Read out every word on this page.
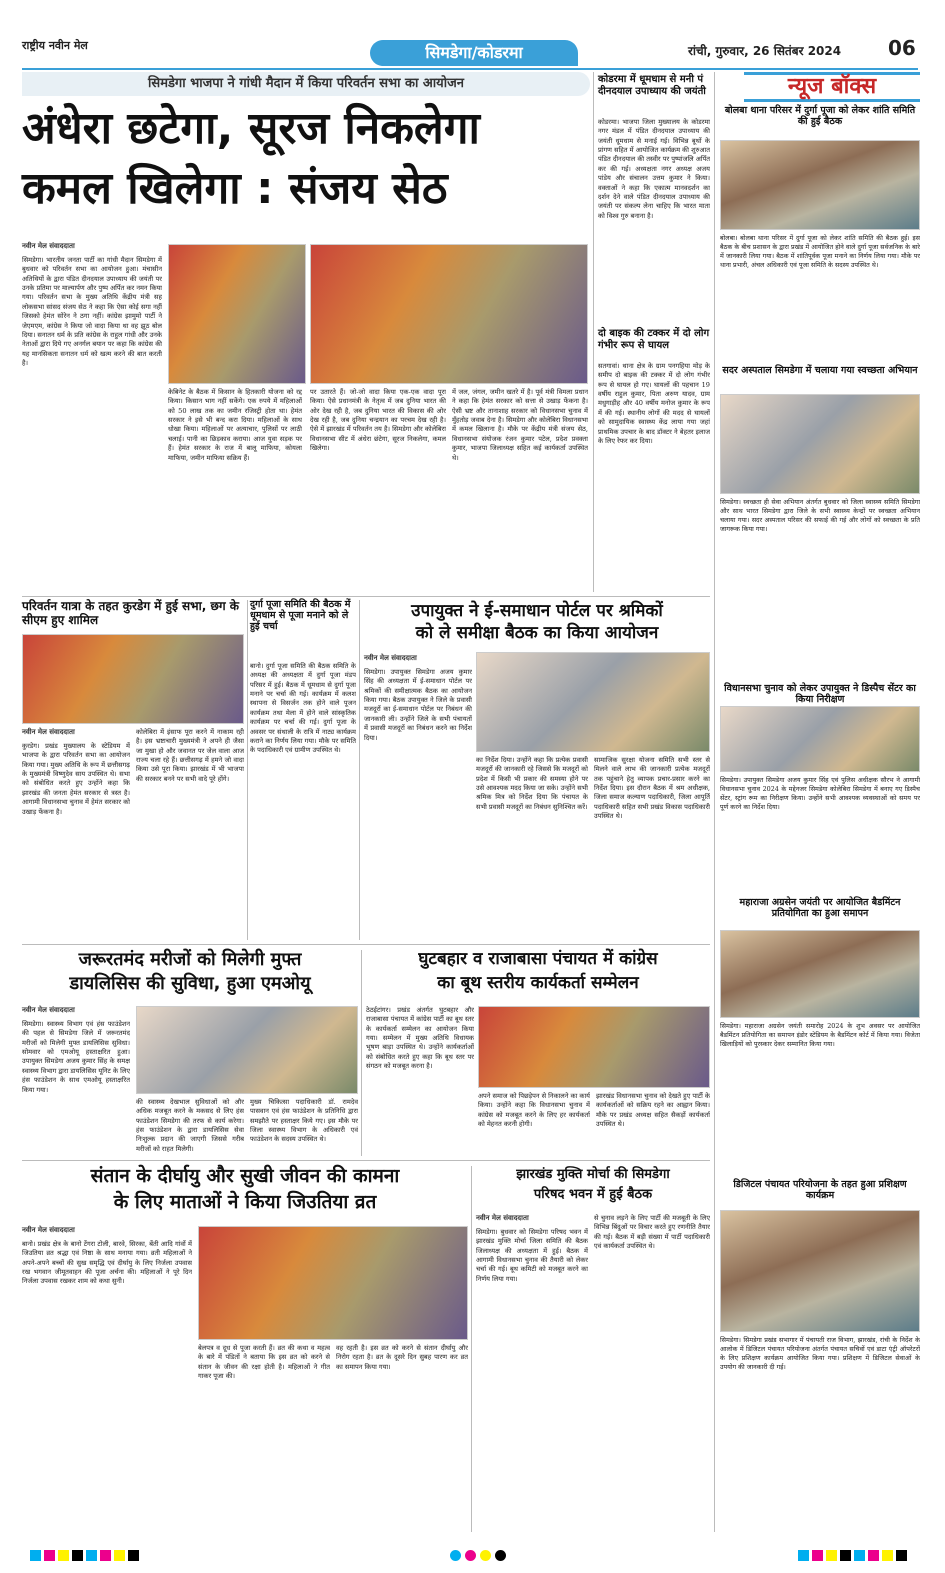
राष्ट्रीय नवीन मेल	सिमडेगा/कोडरमा	रांची, गुरुवार, 26 सितंबर 2024 06
सिमडेगा भाजपा ने गांधी मैदान में किया परिवर्तन सभा का आयोजन
अंधेरा छटेगा, सूरज निकलेगा
कमल खिलेगा : संजय सेठ
नवीन मेल संवाददाता
सिमडेगा। भारतीय जनता पार्टी का गांधी मैदान सिमडेगा में बुधवार को परिवर्तन सभा का आयोजन हुआ। मंचासीन अतिथियों के द्वारा पंडित दीनदयाल उपाध्याय की जयंती पर उनके प्रतिमा पर माल्यार्पण और पुष्प अर्पित कर नमन किया गया। परिवर्तन सभा के मुख्य अतिथि केंद्रीय मंत्री सह लोकसभा सांसद संजय सेठ ने कहा कि ऐसा कोई सगा नहीं जिसको हेमंत सोरेन ने ठगा नहीं। कांग्रेस झामुमो पार्टी ने जेएमएम, कांग्रेस ने किया जो वादा किया था वह झूठ बोल दिया। सनातन धर्म के प्रति कांग्रेस के राहुल गांधी और उनके नेताओं द्वारा दिये गए अनर्गल बयान पर कहा कि कांग्रेस की यह मानसिकता सनातन धर्म को खत्म करने की बात करती है।
केबिनेट के बैठक में किसान के हितकारी योजना को रद्द किया। किसान भाग नहीं सकेंगे। एक रुपये में महिलाओं को 50 लाख तक का जमीन रजिस्ट्री होता था। हेमंत सरकार ने इसे भी बन्द करा दिया। महिलाओं के साथ धोखा किया। महिलाओं पर अत्याचार, पुलिसों पर लाठी चलाई। पानी का छिड़काव कराया। आज युवा सड़क पर हैं। हेमंत सरकार के राज में बालू माफिया, कोयला माफिया, जमीन माफिया सक्रिय हैं।
पर उतारते हैं। जो-जो वादा किया एक-एक वादा पूरा किया। ऐसे प्रधानमंत्री के नेतृत्व में जब दुनिया भारत की ओर देख रही है, जब दुनिया भारत की विकास की ओर देख रही है, जब दुनिया चन्द्रयान का परचम देख रही है। ऐसे में झारखंड में परिवर्तन तय है। सिमडेगा और कोलेबिरा विधानसभा सीट में अंधेरा छंटेगा, सूरज निकलेगा, कमल खिलेगा।
में जल, जंगल, जमीन खतरे में है। पूर्व मंत्री विमला प्रधान ने कहा कि हेमंत सरकार को सत्ता से उखाड़ फेंकना है। ऐसी भ्रष्ट और तानाशाह सरकार को विधानसभा चुनाव में मुँहतोड़ जवाब देना है। सिमडेगा और कोलेबिरा विधानसभा में कमल खिलाना है। मौके पर केंद्रीय मंत्री संजय सेठ, विधानसभा संयोजक रंजन कुमार पटेल, प्रदेश प्रवक्ता कुमार, भाजपा जिलाध्यक्ष सहित कई कार्यकर्ता उपस्थित थे।
कोडरमा में धूमधाम से मनी पं दीनदयाल उपाध्याय की जयंती
कोडरमा। भाजपा जिला मुख्यालय के कोडरमा नगर मंडल में पंडित दीनदयाल उपाध्याय की जयंती धूमधाम से मनाई गई। विभिन्न बूथों के प्रांगण सहित में आयोजित कार्यक्रम की शुरुआत पंडित दीनदयाल की तस्वीर पर पुष्पांजलि अर्पित कर की गई। अध्यक्षता नगर अध्यक्ष अजय पांडेय और संचालन उत्तम कुमार ने किया। वक्ताओं ने कहा कि एकात्म मानवदर्शन का दर्शन देने वाले पंडित दीनदयाल उपाध्याय की जयंती पर संकल्प लेना चाहिए कि भारत माता को विश्व गुरु बनाना है।
दो बाइक की टक्कर में दो लोग गंभीर रूप से घायल
सतगावां। थाना क्षेत्र के ग्राम पनगहिया मोड़ के समीप दो बाइक की टक्कर में दो लोग गंभीर रूप से घायल हो गए। घायलों की पहचान 19 वर्षीय राहुल कुमार, पिता अरुण यादव, ग्राम मधुगाड़ीह और 40 वर्षीय मनोज कुमार के रूप में की गई। स्थानीय लोगों की मदद से घायलों को सामुदायिक स्वास्थ्य केंद्र लाया गया जहां प्राथमिक उपचार के बाद डॉक्टर ने बेहतर इलाज के लिए रेफर कर दिया।
न्यूज बॉक्स
बोलबा थाना परिसर में दुर्गा पूजा को लेकर शांति समिति की हुई बैठक
बोलबा। बोलबा थाना परिसर में दुर्गा पूजा को लेकर शांति समिति की बैठक हुई। इस बैठक के बीच प्रशासन के द्वारा प्रखंड में आयोजित होने वाले दुर्गा पूजा सर्वजनिक के बारे में जानकारी लिया गया। बैठक में शांतिपूर्वक पूजा मनाने का निर्णय लिया गया। मौके पर थाना प्रभारी, अंचल अधिकारी एवं पूजा समिति के सदस्य उपस्थित थे।
सदर अस्पताल सिमडेगा में चलाया गया स्वच्छता अभियान
सिमडेगा। स्वच्छता ही सेवा अभियान अंतर्गत बुधवार को जिला स्वास्थ्य समिति सिमडेगा और साथ भारत सिमडेगा द्वारा जिले के सभी स्वास्थ्य केन्द्रों पर स्वच्छता अभियान चलाया गया। सदर अस्पताल परिसर की सफाई की गई और लोगों को स्वच्छता के प्रति जागरूक किया गया।
विधानसभा चुनाव को लेकर उपायुक्त ने डिस्पैच सेंटर का किया निरीक्षण
सिमडेगा। उपायुक्त सिमडेगा अजय कुमार सिंह एवं पुलिस अधीक्षक सौरभ ने आगामी विधानसभा चुनाव 2024 के मद्देनजर सिमडेगा कोलेबिरा सिमडेगा में बनाए गए डिस्पैच सेंटर, स्ट्रांग रूम का निरीक्षण किया। उन्होंने सभी आवश्यक व्यवस्थाओं को समय पर पूर्ण करने का निर्देश दिया।
महाराजा अग्रसेन जयंती पर आयोजित बैडमिंटन प्रतियोगिता का हुआ समापन
सिमडेगा। महाराजा अग्रसेन जयंती समारोह 2024 के शुभ अवसर पर आयोजित बैडमिंटन प्रतियोगिता का समापन इंडोर स्टेडियम के बैडमिंटन कोर्ट में किया गया। विजेता खिलाड़ियों को पुरस्कार देकर सम्मानित किया गया।
डिजिटल पंचायत परियोजना के तहत हुआ प्रशिक्षण कार्यक्रम
सिमडेगा। सिमडेगा प्रखंड सभागार में पंचायती राज विभाग, झारखंड, रांची के निर्देश के आलोक में डिजिटल पंचायत परियोजना अंतर्गत पंचायत सचिवों एवं डाटा एंट्री ऑपरेटरों के लिए प्रशिक्षण कार्यक्रम आयोजित किया गया। प्रशिक्षण में डिजिटल सेवाओं के उपयोग की जानकारी दी गई।
परिवर्तन यात्रा के तहत कुरडेग में हुई सभा, छग के सीएम हुए शामिल
नवीन मेल संवाददाता
कुरडेग। प्रखंड मुख्यालय के स्टेडियम में भाजपा के द्वारा परिवर्तन सभा का आयोजन किया गया। मुख्य अतिथि के रूप में छत्तीसगढ़ के मुख्यमंत्री विष्णुदेव साय उपस्थित थे। सभा को संबोधित करते हुए उन्होंने कहा कि झारखंड की जनता हेमंत सरकार से त्रस्त है। आगामी विधानसभा चुनाव में हेमंत सरकार को उखाड़ फेंकना है।
कोलेबिरा में इंसाफ पूरा करने में नाकाम रही है। इस भ्रष्टाचारी मुख्यमंत्री ने अपने ही जैसा जा मुखा हो और जवानत पर जेल वाला आज राज्य चला रहे हैं। छत्तीसगढ़ में हमने जो वादा किया उसे पूरा किया। झारखंड में भी भाजपा की सरकार बनने पर सभी वादे पूरे होंगे।
दुर्गा पूजा समिति की बैठक में धूमधाम से पूजा मनाने को ले हुई चर्चा
बानो। दुर्गा पूजा समिति की बैठक समिति के अध्यक्ष की अध्यक्षता में दुर्गा पूजा मंडप परिसर में हुई। बैठक में धूमधाम से दुर्गा पूजा मनाने पर चर्चा की गई। कार्यक्रम में कलश स्थापना से विसर्जन तक होने वाले पूजन कार्यक्रम तथा मेला में होने वाले सांस्कृतिक कार्यक्रम पर चर्चा की गई। दुर्गा पूजा के अवसर पर संथाली के रात्रि में नाट्य कार्यक्रम कराने का निर्णय लिया गया। मौके पर समिति के पदाधिकारी एवं ग्रामीण उपस्थित थे।
उपायुक्त ने ई-समाधान पोर्टल पर श्रमिकों
को ले समीक्षा बैठक का किया आयोजन
नवीन मेल संवाददाता
सिमडेगा। उपायुक्त सिमडेगा अजय कुमार सिंह की अध्यक्षता में ई-समाधान पोर्टल पर श्रमिकों की समीक्षात्मक बैठक का आयोजन किया गया। बैठक उपायुक्त ने जिले के प्रवासी मजदूरों का ई-समाधान पोर्टल पर निबंधन की जानकारी ली। उन्होंने जिले के सभी पंचायतों में प्रवासी मजदूरों का निबंधन करने का निर्देश दिया।
का निर्देश दिया। उन्होंने कहा कि प्रत्येक प्रवासी मजदूरों की जानकारी रहे जिससे कि मजदूरों को प्रदेश में किसी भी प्रकार की समस्या होने पर उसे आवश्यक मदद किया जा सके। उन्होंने सभी श्रमिक मित्र को निर्देश दिया कि पंचायत के सभी प्रवासी मजदूरों का निबंधन सुनिश्चित करें।
सामाजिक सुरक्षा योजना समिति सभी स्तर से मिलने वाले लाभ की जानकारी प्रत्येक मजदूरों तक पहुंचाने हेतु व्यापक प्रचार-प्रसार करने का निर्देश दिया। इस दौरान बैठक में श्रम अधीक्षक, जिला समाज कल्याण पदाधिकारी, जिला आपूर्ति पदाधिकारी सहित सभी प्रखंड विकास पदाधिकारी उपस्थित थे।
जरूरतमंद मरीजों को मिलेगी मुफ्त
डायलिसिस की सुविधा, हुआ एमओयू
नवीन मेल संवाददाता
सिमडेगा। स्वास्थ्य विभाग एवं हंस फाउंडेशन की पहल से सिमडेगा जिले में जरूरतमंद मरीजों को मिलेगी मुफ्त डायलिसिस सुविधा। सोमवार को एमओयू हस्ताक्षरित हुआ। उपायुक्त सिमडेगा अजय कुमार सिंह के समक्ष स्वास्थ्य विभाग द्वारा डायलिसिस यूनिट के लिए हंस फाउंडेशन के साथ एमओयू हस्ताक्षरित किया गया।
की स्वास्थ्य देखभाल सुविधाओं को और अधिक मजबूत करने के मकसद से लिए हंस फाउंडेशन सिमडेगा की तरफ से कार्य करेगा। हंस फाउंडेशन के द्वारा डायलिसिस सेवा निःशुल्क प्रदान की जाएगी जिससे गरीब मरीजों को राहत मिलेगी।
मुख्य चिकित्सा पदाधिकारी डॉ. रामदेव पासवान एवं हंस फाउंडेशन के प्रतिनिधि द्वारा समझौते पर हस्ताक्षर किये गए। इस मौके पर जिला स्वास्थ्य विभाग के अधिकारी एवं फाउंडेशन के सदस्य उपस्थित थे।
घुटबहार व राजाबासा पंचायत में कांग्रेस
का बूथ स्तरीय कार्यकर्ता सम्मेलन
ठेठईटांगर। प्रखंड अंतर्गत घुटबहार और राजाबासा पंचायत में कांग्रेस पार्टी का बूथ स्तर के कार्यकर्ता सम्मेलन का आयोजन किया गया। सम्मेलन में मुख्य अतिथि विधायक भूषण बाड़ा उपस्थित थे। उन्होंने कार्यकर्ताओं को संबोधित करते हुए कहा कि बूथ स्तर पर संगठन को मजबूत करना है।
अपने समाज को पिछड़ेपन से निकालने का कार्य किया। उन्होंने कहा कि विधानसभा चुनाव में कांग्रेस को मजबूत करने के लिए हर कार्यकर्ता को मेहनत करनी होगी।
झारखंड विधानसभा चुनाव को देखते हुए पार्टी के कार्यकर्ताओं को सक्रिय रहने का आह्वान किया। मौके पर प्रखंड अध्यक्ष सहित सैकड़ों कार्यकर्ता उपस्थित थे।
संतान के दीर्घायु और सुखी जीवन की कामना
के लिए माताओं ने किया जिउतिया व्रत
नवीन मेल संवाददाता
बानो। प्रखंड क्षेत्र के बानो टेंगरा टोली, बारवे, सिरका, बेंती आदि गांवों में जिउतिया व्रत श्रद्धा एवं निष्ठा के साथ मनाया गया। व्रती महिलाओं ने अपने-अपने बच्चों की सुख समृद्धि एवं दीर्घायु के लिए निर्जला उपवास रख भगवान जीमूतवाहन की पूजा अर्चना की। महिलाओं ने पूरे दिन निर्जला उपवास रखकर शाम को कथा सुनी।
बेलपत्र व दूध से पूजा करती हैं। व्रत की कथा व महत्व के बारे में पंडितों ने बताया कि इस व्रत को करने से संतान के जीवन की रक्षा होती है। महिलाओं ने गीत गाकर पूजा की।
वह रहती है। इस व्रत को करने से संतान दीर्घायु और निरोग रहता है। व्रत के दूसरे दिन सुबह पारण कर व्रत का समापन किया गया।
झारखंड मुक्ति मोर्चा की सिमडेगा
परिषद भवन में हुई बैठक
नवीन मेल संवाददाता
सिमडेगा। बुधवार को सिमडेगा परिषद भवन में झारखंड मुक्ति मोर्चा जिला समिति की बैठक जिलाध्यक्ष की अध्यक्षता में हुई। बैठक में आगामी विधानसभा चुनाव की तैयारी को लेकर चर्चा की गई। बूथ कमिटी को मजबूत करने का निर्णय लिया गया।
से चुनाव लड़ने के लिए पार्टी की मजबूती के लिए विभिन्न बिंदुओं पर विचार करते हुए रणनीति तैयार की गई। बैठक में बड़ी संख्या में पार्टी पदाधिकारी एवं कार्यकर्ता उपस्थित थे।
